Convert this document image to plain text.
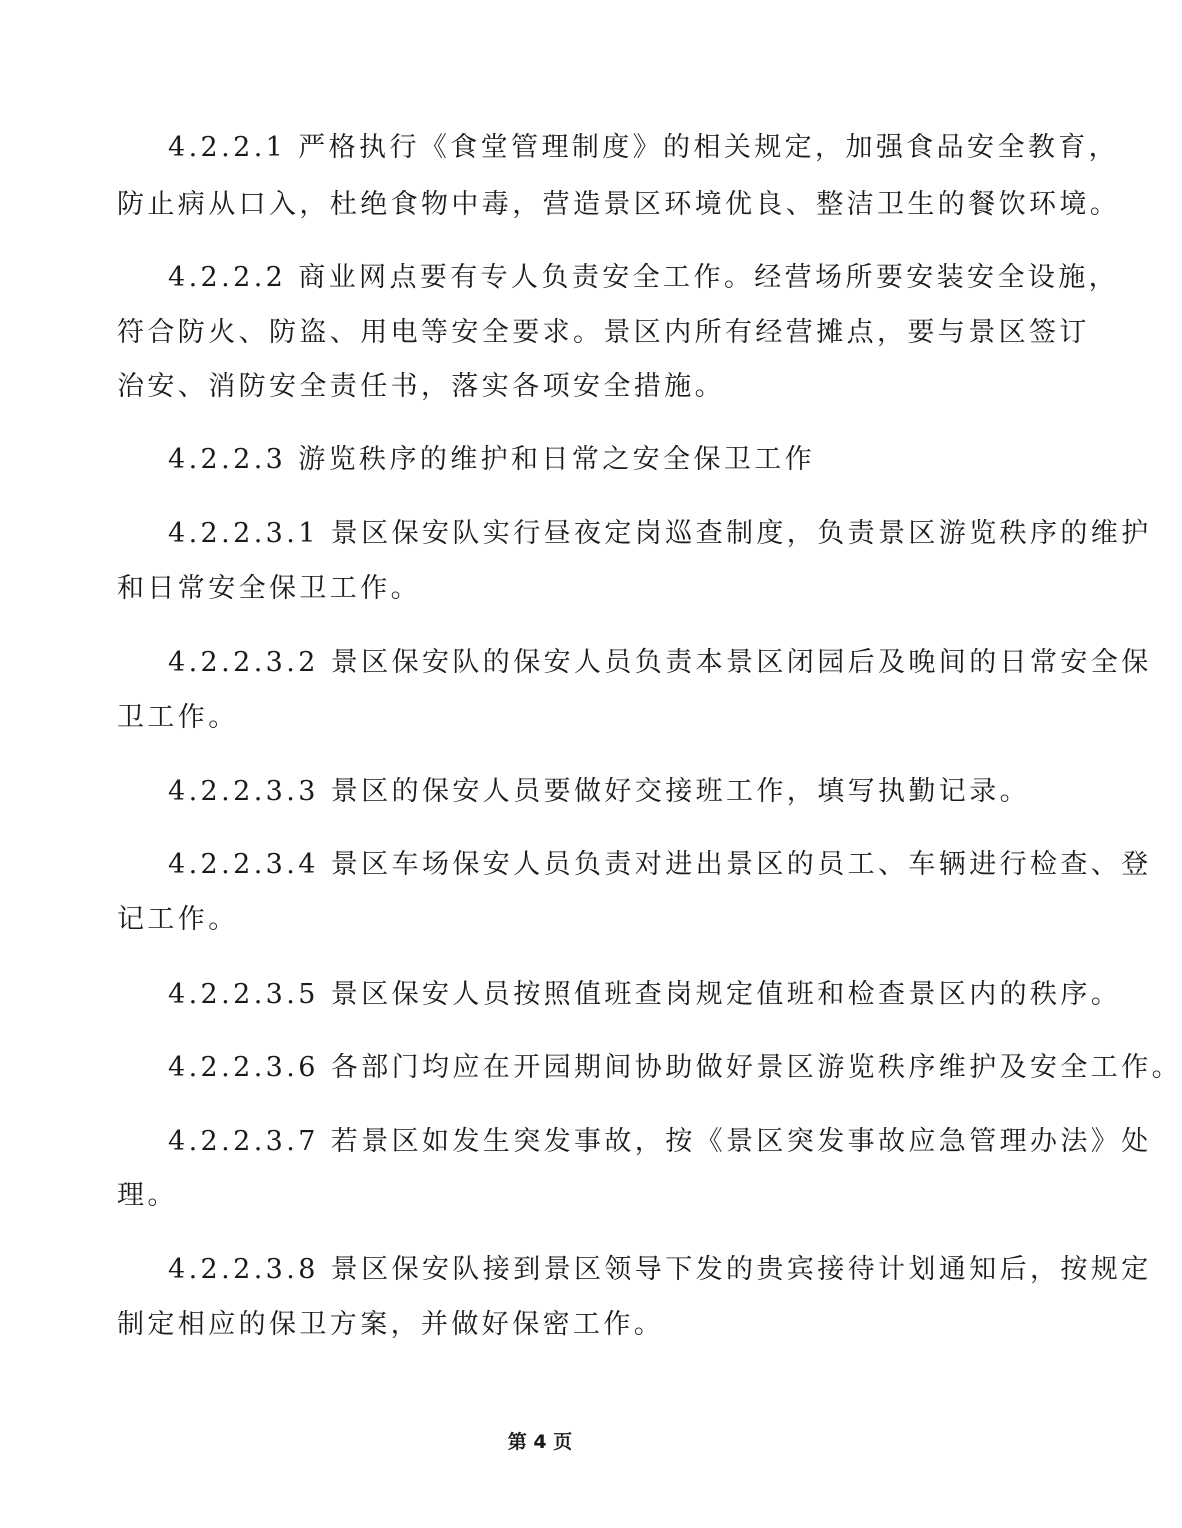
4.2.2.1 严格执行《食堂管理制度》的相关规定，加强食品安全教育，
防止病从口入，杜绝食物中毒，营造景区环境优良、整洁卫生的餐饮环境。
4.2.2.2 商业网点要有专人负责安全工作。经营场所要安装安全设施，
符合防火、防盗、用电等安全要求。景区内所有经营摊点，要与景区签订
治安、消防安全责任书，落实各项安全措施。
4.2.2.3 游览秩序的维护和日常之安全保卫工作
4.2.2.3.1 景区保安队实行昼夜定岗巡查制度，负责景区游览秩序的维护
和日常安全保卫工作。
4.2.2.3.2 景区保安队的保安人员负责本景区闭园后及晚间的日常安全保
卫工作。
4.2.2.3.3 景区的保安人员要做好交接班工作，填写执勤记录。
4.2.2.3.4 景区车场保安人员负责对进出景区的员工、车辆进行检查、登
记工作。
4.2.2.3.5 景区保安人员按照值班查岗规定值班和检查景区内的秩序。
4.2.2.3.6 各部门均应在开园期间协助做好景区游览秩序维护及安全工作。
4.2.2.3.7 若景区如发生突发事故，按《景区突发事故应急管理办法》处
理。
4.2.2.3.8 景区保安队接到景区领导下发的贵宾接待计划通知后，按规定
制定相应的保卫方案，并做好保密工作。
第 4 页
